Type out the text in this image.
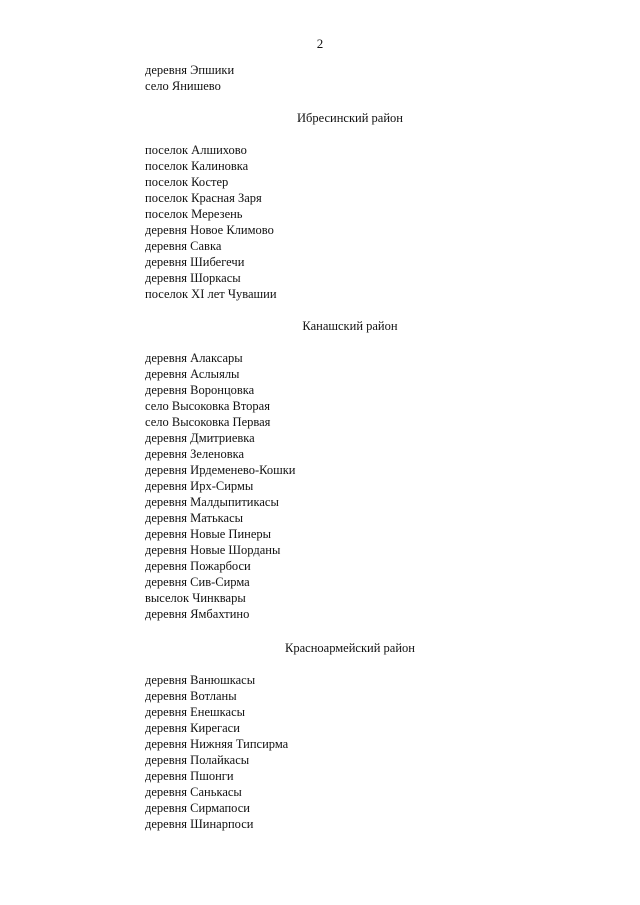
2
деревня Эпшики
село Янишево
Ибресинский район
поселок Алшихово
поселок Калиновка
поселок Костер
поселок Красная Заря
поселок Мерезень
деревня Новое Климово
деревня Савка
деревня Шибегечи
деревня Шоркасы
поселок XI лет Чувашии
Канашский район
деревня Алаксары
деревня Аслыялы
деревня Воронцовка
село Высоковка Вторая
село Высоковка Первая
деревня Дмитриевка
деревня Зеленовка
деревня Ирдеменево-Кошки
деревня Ирх-Сирмы
деревня Малдыпитикасы
деревня Матькасы
деревня Новые Пинеры
деревня Новые Шорданы
деревня Пожарбоси
деревня Сив-Сирма
выселок Чинквары
деревня Ямбахтино
Красноармейский район
деревня Ванюшкасы
деревня Вотланы
деревня Енешкасы
деревня Кирегаси
деревня Нижняя Типсирма
деревня Полайкасы
деревня Пшонги
деревня Санькасы
деревня Сирмапоси
деревня Шинарпоси
